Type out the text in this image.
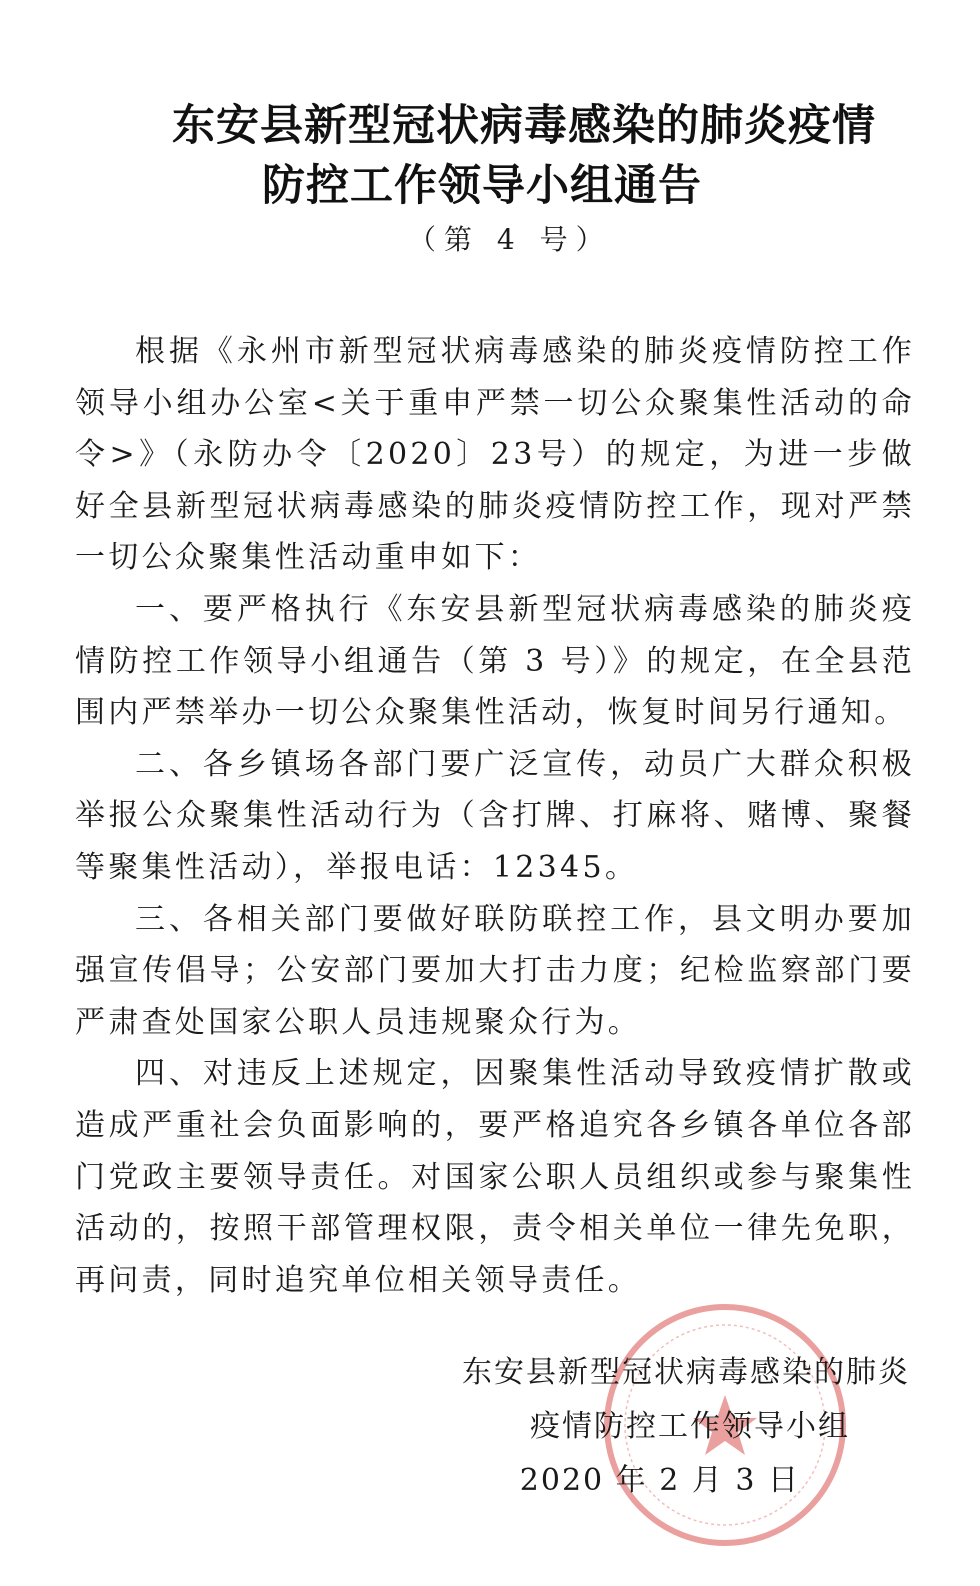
东安县新型冠状病毒感染的肺炎疫情
防控工作领导小组通告
（第 4 号）

根据《永州市新型冠状病毒感染的肺炎疫情防控工作领导小组办公室<关于重申严禁一切公众聚集性活动的命令>》（永防办令〔2020〕23号）的规定，为进一步做好全县新型冠状病毒感染的肺炎疫情防控工作，现对严禁一切公众聚集性活动重申如下：

一、要严格执行《东安县新型冠状病毒感染的肺炎疫情防控工作领导小组通告（第 3 号）》的规定，在全县范围内严禁举办一切公众聚集性活动，恢复时间另行通知。

二、各乡镇场各部门要广泛宣传，动员广大群众积极举报公众聚集性活动行为（含打牌、打麻将、赌博、聚餐等聚集性活动），举报电话：12345。

三、各相关部门要做好联防联控工作，县文明办要加强宣传倡导；公安部门要加大打击力度；纪检监察部门要严肃查处国家公职人员违规聚众行为。

四、对违反上述规定，因聚集性活动导致疫情扩散或造成严重社会负面影响的，要严格追究各乡镇各单位各部门党政主要领导责任。对国家公职人员组织或参与聚集性活动的，按照干部管理权限，责令相关单位一律先免职，再问责，同时追究单位相关领导责任。

东安县新型冠状病毒感染的肺炎
疫情防控工作领导小组
2020 年 2 月 3 日
